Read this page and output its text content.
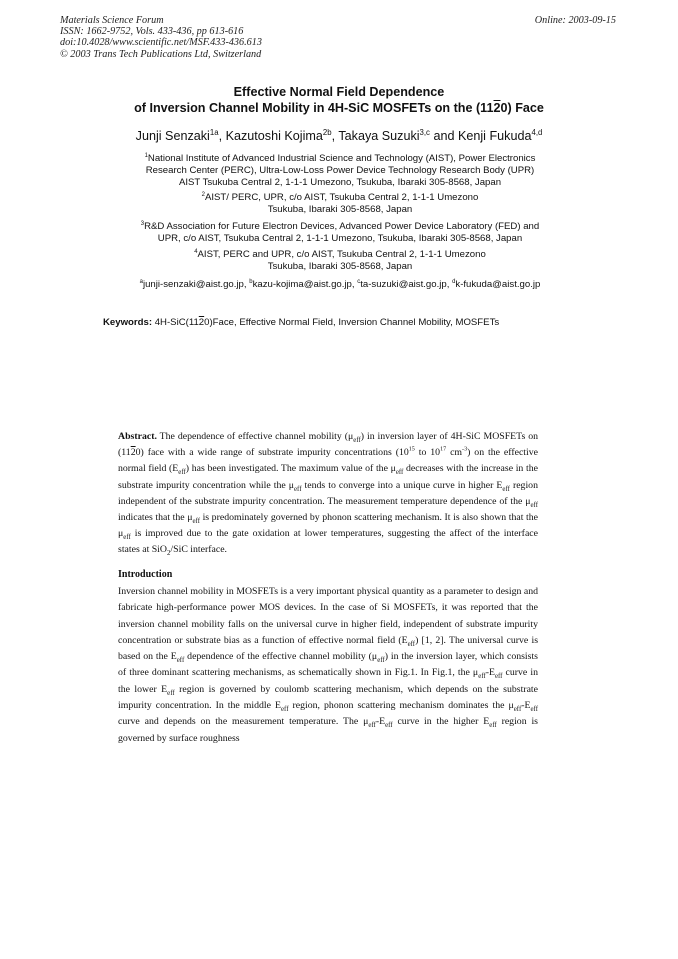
Materials Science Forum
ISSN: 1662-9752, Vols. 433-436, pp 613-616
doi:10.4028/www.scientific.net/MSF.433-436.613
© 2003 Trans Tech Publications Ltd, Switzerland
Online: 2003-09-15
Effective Normal Field Dependence
of Inversion Channel Mobility in 4H-SiC MOSFETs on the (1120) Face
Junji Senzaki$^{1a}$, Kazutoshi Kojima$^{2b}$, Takaya Suzuki$^{3,c}$ and Kenji Fukuda$^{4,d}$
$^1$National Institute of Advanced Industrial Science and Technology (AIST), Power Electronics
Research Center (PERC), Ultra-Low-Loss Power Device Technology Research Body (UPR)
AIST Tsukuba Central 2, 1-1-1 Umezono, Tsukuba, Ibaraki 305-8568, Japan
$^2$AIST/ PERC, UPR, c/o AIST, Tsukuba Central 2, 1-1-1 Umezono
Tsukuba, Ibaraki 305-8568, Japan
$^3$R&D Association for Future Electron Devices, Advanced Power Device Laboratory (FED) and
UPR, c/o AIST, Tsukuba Central 2, 1-1-1 Umezono, Tsukuba, Ibaraki 305-8568, Japan
$^4$AIST, PERC and UPR, c/o AIST, Tsukuba Central 2, 1-1-1 Umezono
Tsukuba, Ibaraki 305-8568, Japan
$^a$junji-senzaki@aist.go.jp, $^b$kazu-kojima@aist.go.jp, $^c$ta-suzuki@aist.go.jp, $^d$k-fukuda@aist.go.jp
Keywords: 4H-SiC(1120)Face, Effective Normal Field, Inversion Channel Mobility, MOSFETs
Abstract. The dependence of effective channel mobility $(\mu_{eff})$ in inversion layer of 4H-SiC MOSFETs on (1120) face with a wide range of substrate impurity concentrations ($10^{15}$ to $10^{17}$ $cm^{-3}$) on the effective normal field $(E_{eff})$ has been investigated. The maximum value of the $\mu_{eff}$ decreases with the increase in the substrate impurity concentration while the $\mu_{eff}$ tends to converge into a unique curve in higher $E_{eff}$ region independent of the substrate impurity concentration. The measurement temperature dependence of the $\mu_{eff}$ indicates that the $\mu_{eff}$ is predominately governed by phonon scattering mechanism. It is also shown that the $\mu_{eff}$ is improved due to the gate oxidation at lower temperatures, suggesting the affect of the interface states at SiO$_2$/SiC interface.
Introduction
Inversion channel mobility in MOSFETs is a very important physical quantity as a parameter to design and fabricate high-performance power MOS devices. In the case of Si MOSFETs, it was reported that the inversion channel mobility falls on the universal curve in higher field, independent of substrate impurity concentration or substrate bias as a function of effective normal field $(E_{eff})$ [1, 2]. The universal curve is based on the $E_{eff}$ dependence of the effective channel mobility $(\mu_{eff})$ in the inversion layer, which consists of three dominant scattering mechanisms, as schematically shown in Fig.1. In Fig.1, the $\mu_{eff}-E_{eff}$ curve in the lower $E_{eff}$ region is governed by coulomb scattering mechanism, which depends on the substrate impurity concentration. In the middle $E_{eff}$ region, phonon scattering mechanism dominates the $\mu_{eff}-E_{eff}$ curve and depends on the measurement temperature. The $\mu_{eff}-E_{eff}$ curve in the higher $E_{eff}$ region is governed by surface roughness
